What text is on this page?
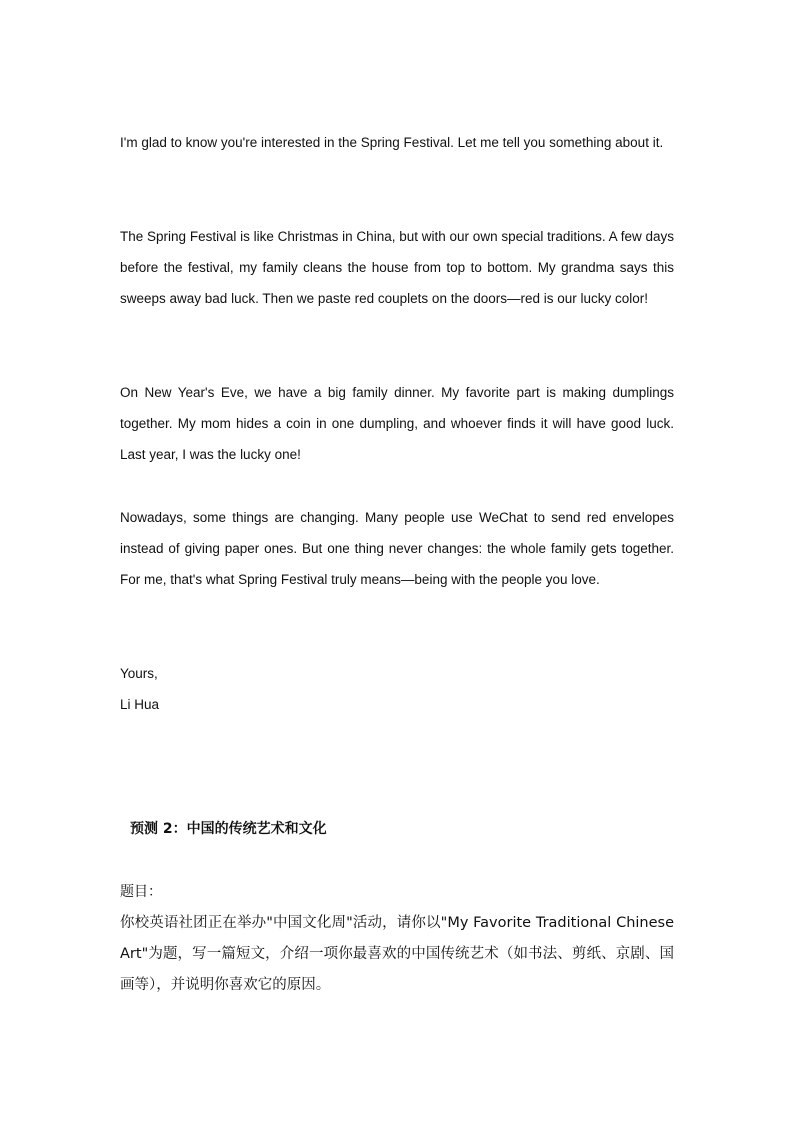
I'm glad to know you're interested in the Spring Festival. Let me tell you something about it.
The Spring Festival is like Christmas in China, but with our own special traditions. A few days before the festival, my family cleans the house from top to bottom. My grandma says this sweeps away bad luck. Then we paste red couplets on the doors—red is our lucky color!
On New Year's Eve, we have a big family dinner. My favorite part is making dumplings together. My mom hides a coin in one dumpling, and whoever finds it will have good luck. Last year, I was the lucky one!
Nowadays, some things are changing. Many people use WeChat to send red envelopes instead of giving paper ones. But one thing never changes: the whole family gets together. For me, that's what Spring Festival truly means—being with the people you love.
Yours,
Li Hua
预测 2：中国的传统艺术和文化
题目：
你校英语社团正在举办"中国文化周"活动，请你以"My Favorite Traditional Chinese Art"为题，写一篇短文，介绍一项你最喜欢的中国传统艺术（如书法、剪纸、京剧、国画等），并说明你喜欢它的原因。
